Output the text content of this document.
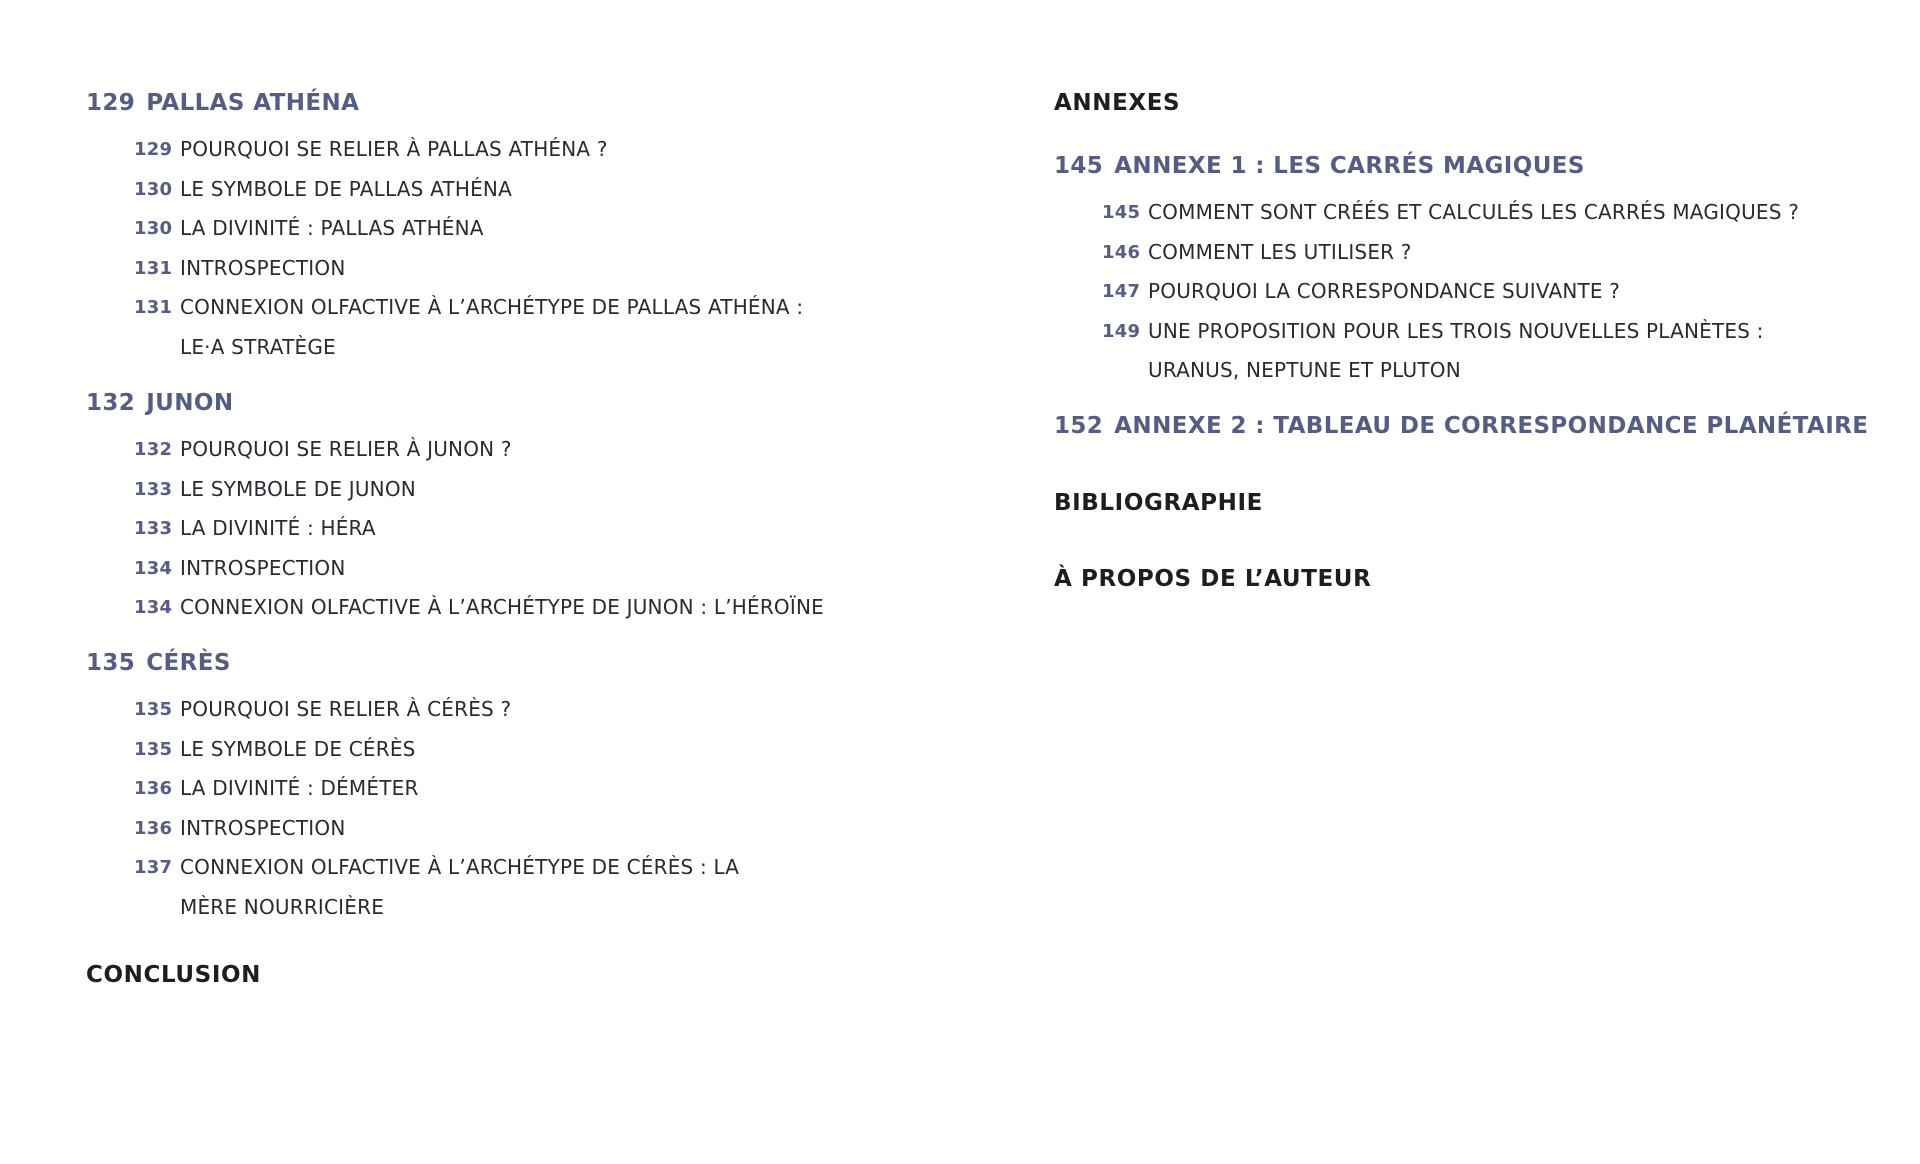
129 PALLAS ATHÉNA
129 POURQUOI SE RELIER À PALLAS ATHÉNA ?
130 LE SYMBOLE DE PALLAS ATHÉNA
130 LA DIVINITÉ : PALLAS ATHÉNA
131 INTROSPECTION
131 CONNEXION OLFACTIVE À L’ARCHÉTYPE DE PALLAS ATHÉNA : LE·A STRATÈGE
132 JUNON
132 POURQUOI SE RELIER À JUNON ?
133 LE SYMBOLE DE JUNON
133 LA DIVINITÉ : HÉRA
134 INTROSPECTION
134 CONNEXION OLFACTIVE À L’ARCHÉTYPE DE JUNON : L’HÉROÏNE
135 CÉRÈS
135 POURQUOI SE RELIER À CÉRÈS ?
135 LE SYMBOLE DE CÉRÈS
136 LA DIVINITÉ : DÉMÉTER
136 INTROSPECTION
137 CONNEXION OLFACTIVE À L’ARCHÉTYPE DE CÉRÈS : LA MÈRE NOURRICIÈRE
CONCLUSION
ANNEXES
145 ANNEXE 1 : LES CARRÉS MAGIQUES
145 COMMENT SONT CRÉÉS ET CALCULÉS LES CARRÉS MAGIQUES ?
146 COMMENT LES UTILISER ?
147 POURQUOI LA CORRESPONDANCE SUIVANTE ?
149 UNE PROPOSITION POUR LES TROIS NOUVELLES PLANÈTES : URANUS, NEPTUNE ET PLUTON
152 ANNEXE 2 : TABLEAU DE CORRESPONDANCE PLANÉTAIRE
BIBLIOGRAPHIE
À PROPOS DE L’AUTEUR
